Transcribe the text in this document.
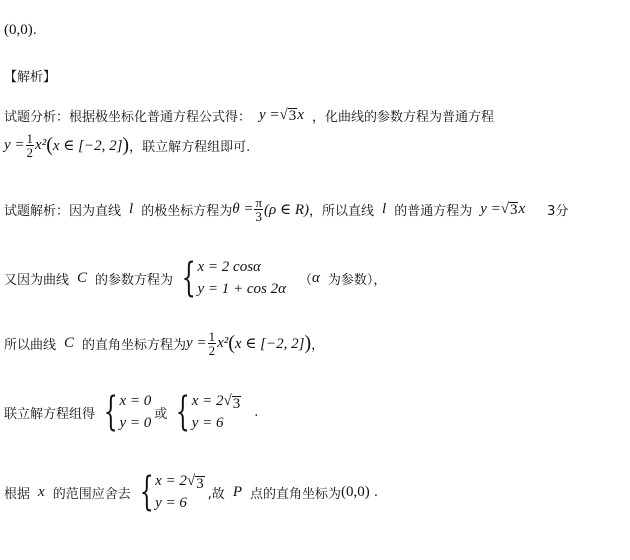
(0,0) .
【解析】
试题分析：根据极坐标化普通方程公式得： y = √ 3 x ，化曲线的参数方程为普通方程
$y = \frac{1}{2} x^2$ ( x ∈ [−2, 2] ) ，联立解方程组即可.
试题解析：因为直线 l 的极坐标方程为 $\theta = \frac{\pi}{3} (\rho$ ∈ R) ，所以直线 l 的普通方程为 y = √ 3 x 3分
又因为曲线 C 的参数方程为 { x = 2 cosα
y = 1 + cos 2α
（ α 为参数），
所以曲线 C 的直角坐标方程为 $y = \frac{1}{2} x^2$ ( x ∈ [−2, 2] ) ，
联立解方程组得 { x = 0
y = 0
或 { x = 2 √ 3
y = 6
.
根据 x 的范围应舍去 { x = 2 √ 3
y = 6
,故 P 点的直角坐标为 (0,0) .
